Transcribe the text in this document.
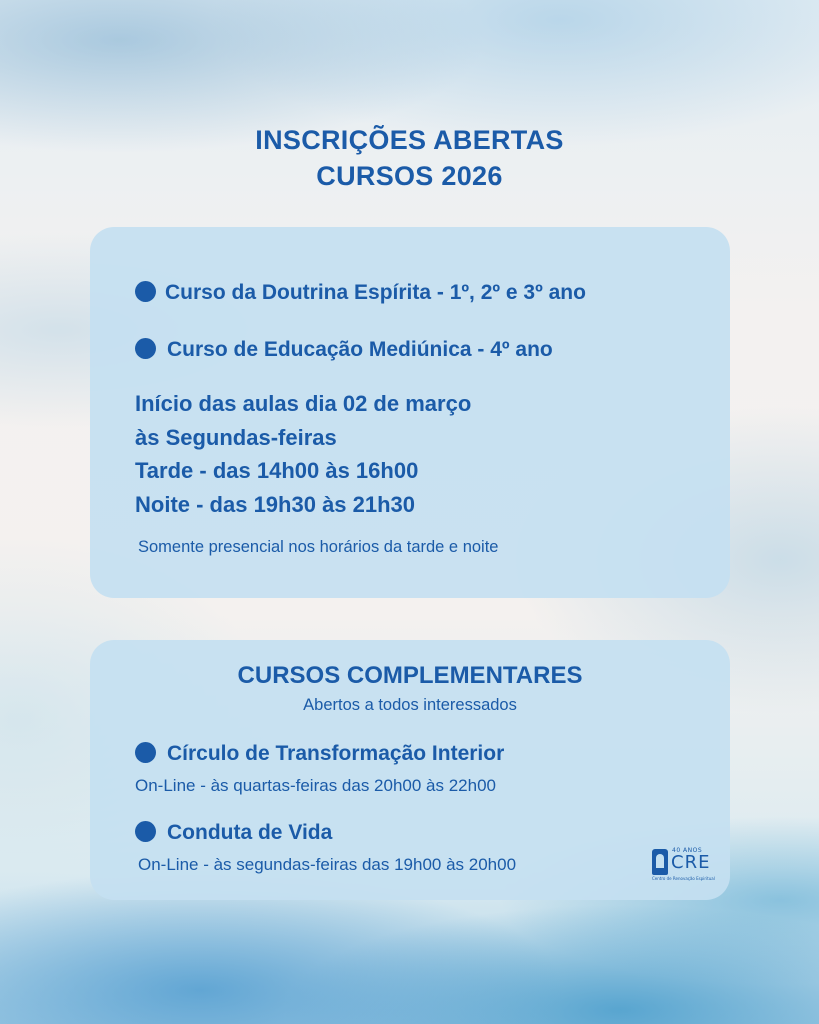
INSCRIÇÕES ABERTAS
CURSOS 2026
Curso da Doutrina Espírita - 1º, 2º e 3º ano
Curso de Educação Mediúnica - 4º ano
Início das aulas dia 02 de março
às Segundas-feiras
Tarde - das 14h00 às 16h00
Noite - das 19h30 às 21h30
Somente presencial nos horários da tarde e noite
CURSOS COMPLEMENTARES
Abertos a todos interessados
Círculo de Transformação Interior
On-Line - às quartas-feiras das 20h00 às 22h00
Conduta de Vida
On-Line - às segundas-feiras das 19h00 às 20h00
40 ANOS
CRE
Centro de Renovação Espiritual
